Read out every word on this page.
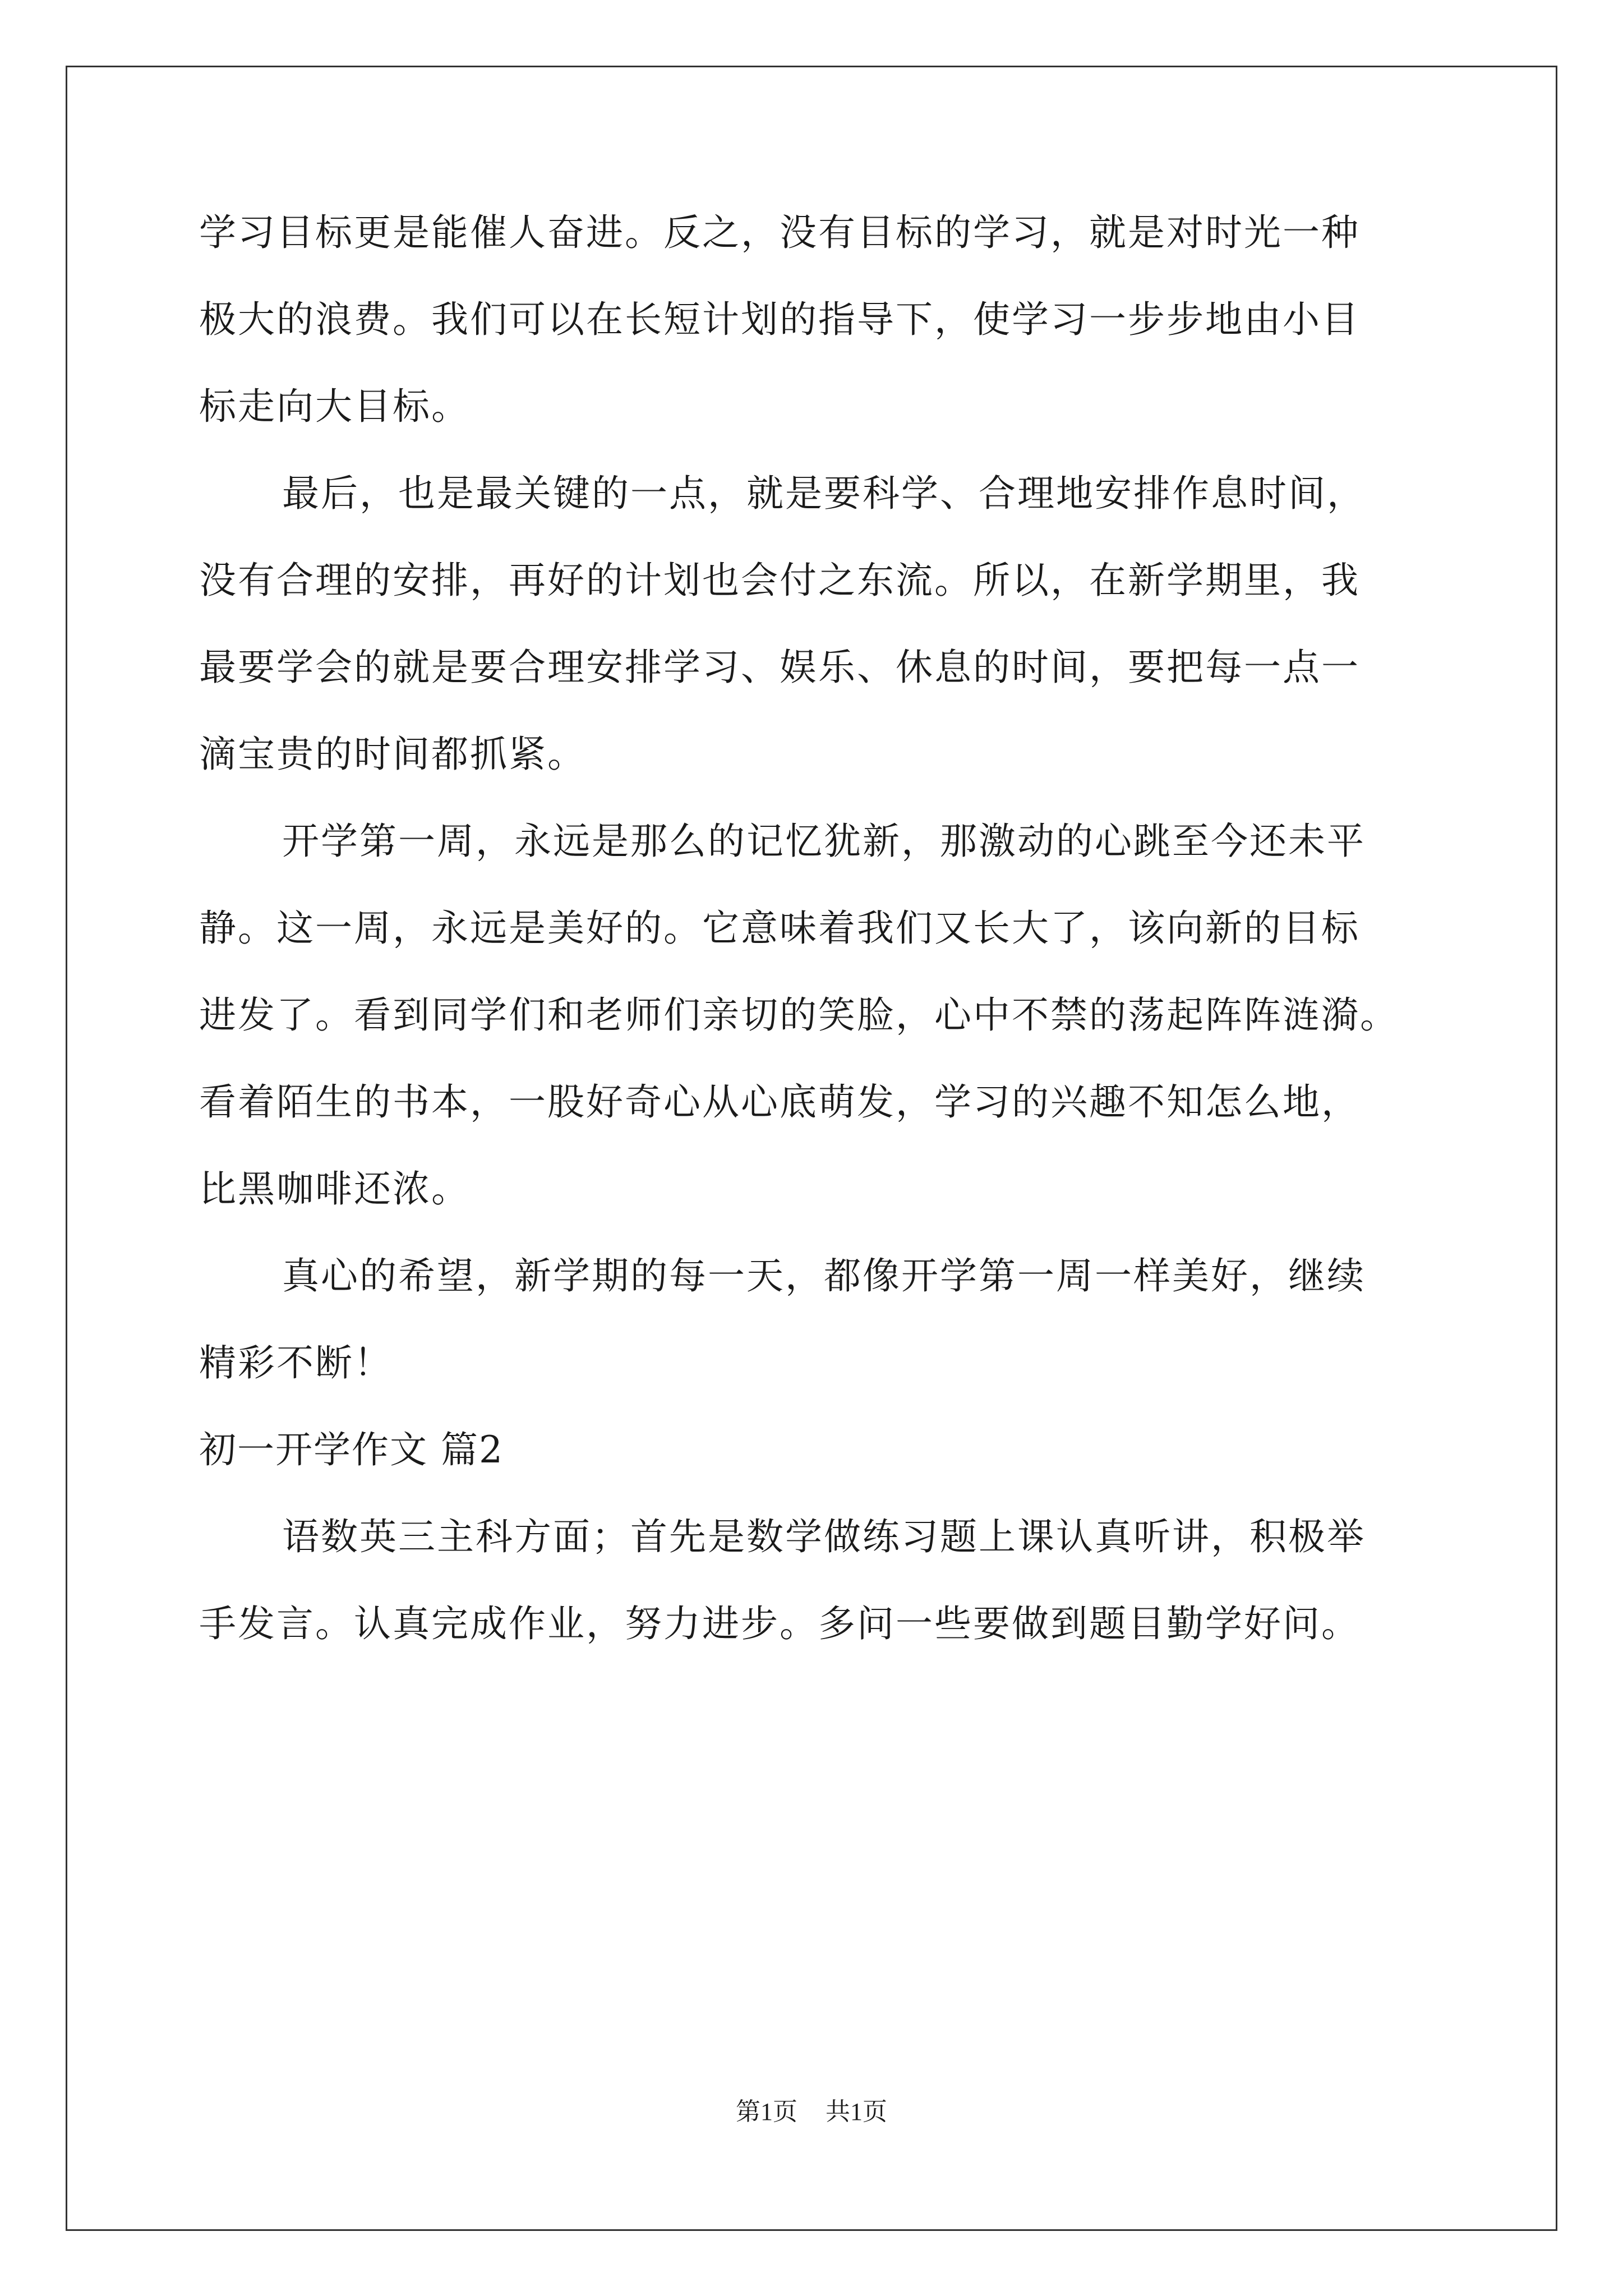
学习目标更是能催人奋进。反之，没有目标的学习，就是对时光一种
极大的浪费。我们可以在长短计划的指导下，使学习一步步地由小目
标走向大目标。
最后，也是最关键的一点，就是要科学、合理地安排作息时间，
没有合理的安排，再好的计划也会付之东流。所以，在新学期里，我
最要学会的就是要合理安排学习、娱乐、休息的时间，要把每一点一
滴宝贵的时间都抓紧。
开学第一周，永远是那么的记忆犹新，那激动的心跳至今还未平
静。这一周，永远是美好的。它意味着我们又长大了，该向新的目标
进发了。看到同学们和老师们亲切的笑脸，心中不禁的荡起阵阵涟漪。
看着陌生的书本，一股好奇心从心底萌发，学习的兴趣不知怎么地，
比黑咖啡还浓。
真心的希望，新学期的每一天，都像开学第一周一样美好，继续
精彩不断！
初一开学作文 篇2
语数英三主科方面；首先是数学做练习题上课认真听讲，积极举
手发言。认真完成作业，努力进步。多问一些要做到题目勤学好问。
第1页 共1页
